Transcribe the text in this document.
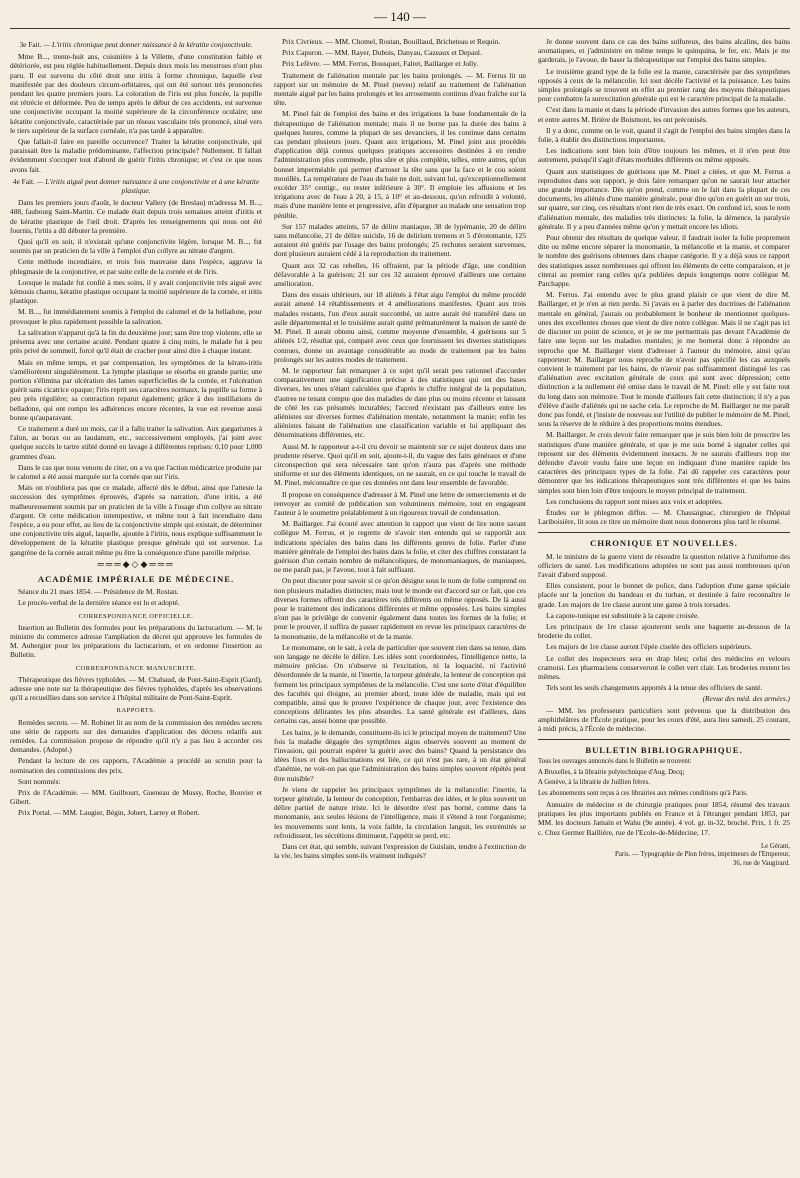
— 140 —

3e Fait. — L'iritis chronique peut donner naissance à la kératite conjonctivale.

Mme B..., trente-huit ans, cuisinière à la Villette, d'une constitution faible et détériorée, est peu réglée habituellement. Depuis deux mois les menstrues n'ont plus paru. Il est survenu du côté droit une iritis à forme chronique, laquelle s'est manifestée par des douleurs circum-orbitaires, qui ont été surtout très prononcées pendant les quatre premiers jours. La coloration de l'iris est plus foncée, la pupille est rétrécie et déformée. Peu de temps après le début de ces accidents, est survenue une conjonctivite occupant la moitié supérieure de la circonférence oculaire; une kératite conjonctivale, caractérisée par un réseau vasculaire très prononcé, situé vers le tiers supérieur de la surface cornéale, n'a pas tardé à apparaître.

Que fallait-il faire en pareille occurrence? Traiter la kératite conjonctivale, qui paraissait être la maladie prédominante, l'affection principale? Nullement. Il fallait évidemment s'occuper tout d'abord de guérir l'iritis chronique; et c'est ce que nous avons fait.

4e Fait. — L'iritis aiguë peut donner naissance à une conjonctivite et à une kératite plastique.

Dans les premiers jours d'août, le docteur Vallery (de Breslau) m'adressa M. B..., 488, faubourg Saint-Martin. Ce malade était depuis trois semaines atteint d'iritis et de kératite plastique de l'œil droit. D'après les renseignements qui nous ont été fournis, l'iritis a dû débuter la première.

Quoi qu'il en soit, il n'existait qu'une conjonctivite légère, lorsque M. B..., fut soumis par un praticien de la ville à l'emploi d'un collyre au nitrate d'argent.

Cette méthode incendiaire, et trois fois mauvaise dans l'espèce, aggrava la phlegmasie de la conjonctive, et par suite celle de la cornée et de l'iris.

Lorsque le malade fut confié à mes soins, il y avait conjonctivite très aiguë avec kémosis charnu, kératite plastique occupant la moitié supérieure de la cornée, et iritis plastique.

M. B..., fut immédiatement soumis à l'emploi du calomel et de la belladone, pour provoquer le plus rapidement possible la salivation.

La salivation n'apparut qu'à la fin du deuxième jour; sans être trop violente, elle se présenta avec une certaine acuité. Pendant quatre à cinq nuits, le malade fut à peu près privé de sommeil, forcé qu'il était de cracher pour ainsi dire à chaque instant.

Mais en même temps, et par compensation, les symptômes de la kérato-iritis s'améliorèrent singulièrement. La lymphe plastique se résorba en grande partie; une portion s'élimina par ulcération des lames superficielles de la cornée, et l'ulcération guérit sans cicatrice opaque; l'iris reprit ses caractères normaux, la pupille sa forme à peu près régulière; sa contraction reparut également; grâce à des instillations de belladone, qui ont rompu les adhérences encore récentes, la vue est revenue aussi bonne qu'auparavant.

Ce traitement a duré un mois, car il a fallu traiter la salivation. Aux gargarismes à l'alun, au borax ou au laudanum, etc., successivement employés, j'ai joint avec quelque succès le tartre stibié donné en lavage à différentes reprises: 0,10 pour 1,000 grammes d'eau.

Dans le cas que nous venons de citer, on a vu que l'action médicatrice produite par le calomel a été aussi marquée sur la cornée que sur l'iris.

Mais on n'oubliera pas que ce malade, affecté dès le début, ainsi que l'atteste la succession des symptômes éprouvés, d'après sa narration, d'une iritis, a été malheureusement soumis par un praticien de la ville à l'usage d'un collyre au nitrate d'argent. Or cette médication intempestive, et même tout à fait incendiaire dans l'espèce, a eu pour effet, au lieu de la conjonctivite simple qui existait, de déterminer une conjonctivite très aiguë, laquelle, ajoutée à l'iritis, nous explique suffisamment le développement de la kératite plastique presque générale qui est survenue. La gangrène de la cornée aurait même pu être la conséquence d'une pareille méprise.

═══◆◇◆═══

ACADÉMIE IMPÉRIALE DE MÉDECINE.

Séance du 21 mars 1854. — Présidence de M. Rostan.

Le procès-verbal de la dernière séance est lu et adopté.

CORRESPONDANCE OFFICIELLE.

Insertion au Bulletin des formules pour les préparations du lactucarium. — M. le ministre du commerce adresse l'ampliation du décret qui approuve les formules de M. Aubergier pour les préparations du lactucarium, et en ordonne l'insertion au Bulletin.

CORRESPONDANCE MANUSCRITE.

Thérapeutique des fièvres typhoïdes. — M. Chabaud, de Pont-Saint-Esprit (Gard), adresse une note sur la thérapeutique des fièvres typhoïdes, d'après les observations qu'il a recueillies dans son service à l'hôpital militaire de Pont-Saint-Esprit.

RAPPORTS.

Remèdes secrets. — M. Robinet lit au nom de la commission des remèdes secrets une série de rapports sur des demandes d'application des décrets relatifs aux remèdes. La commission propose de répondre qu'il n'y a pas lieu à accorder ces demandes. (Adopté.)

Pendant la lecture de ces rapports, l'Académie a procédé au scrutin pour la nomination des commissions des prix.

Sont nommés:

Prix de l'Académie. — MM. Guilbourt, Gueneau de Mussy, Roche, Bouvier et Gibert.

Prix Portal. — MM. Laugier, Bégin, Jobert, Larrey et Robert.

Prix Civrieux. — MM. Chomel, Rostan, Bouillaud, Bricheteau et Requin.

Prix Capuron. — MM. Rayer, Dubois, Danyau, Cazeaux et Depaul.

Prix Lefèvre. — MM. Ferrus, Bousquet, Falret, Baillarger et Jolly.

Traitement de l'aliénation mentale par les bains prolongés. — M. Ferrus lit un rapport sur un mémoire de M. Pinel (neveu) relatif au traitement de l'aliénation mentale aiguë par les bains prolongés et les arrosements continus d'eau fraîche sur la tête.

M. Pinel fait de l'emploi des bains et des irrigations la base fondamentale de la thérapeutique de l'aliénation mentale; mais il ne borne pas la durée des bains à quelques heures, comme la plupart de ses devanciers, il les continue dans certains cas pendant plusieurs jours. Quant aux irrigations, M. Pinel joint aux procédés d'application déjà connus quelques pratiques accessoires destinées à en rendre l'administration plus commode, plus sûre et plus complète, telles, entre autres, qu'un bonnet imperméable qui permet d'arroser la tête sans que la face et le cou soient mouillés. La température de l'eau du bain ne doit, suivant lui, qu'exceptionnellement excéder 35° centigr., ou rester inférieure à 30°. Il emploie les affusions et les irrigations avec de l'eau à 20, à 15, à 10° et au-dessous, qu'on refroidit à volonté, mais d'une manière lente et progressive, afin d'épargner au malade une sensation trop pénible.

Sur 157 malades atteints, 57 de délire maniaque, 38 de lypémanie, 20 de délire sans mélancolie, 21 de délire suicide, 16 de delirium tremens et 5 d'érotomanie, 125 auraient été guéris par l'usage des bains prolongés; 25 rechutes seraient survenues, dont plusieurs auraient cédé à la reproduction du traitement.

Quant aux 32 cas rebelles, 16 offraient, par la période d'âge, une condition défavorable à la guérison; 21 sur ces 32 auraient éprouvé d'ailleurs une certaine amélioration.

Dans des essais ultérieurs, sur 18 aliénés à l'état aigu l'emploi du même procédé aurait amené 14 rétablissements et 4 améliorations manifestes. Quant aux trois malades restants, l'un d'eux aurait succombé, un autre aurait été transféré dans un asile départemental et le troisième aurait quitté prématurément la maison de santé de M. Pinel. Il aurait obtenu ainsi, comme moyenne d'ensemble, 4 guérisons sur 5 aliénés 1/2, résultat qui, comparé avec ceux que fournissent les diverses statistiques connues, donne un avantage considérable au mode de traitement par les bains prolongés sur les autres modes de traitement.

M. le rapporteur fait remarquer à ce sujet qu'il serait peu rationnel d'accorder comparativement une signification précise à des statistiques qui ont des bases diverses, les unes n'étant calculées que d'après le chiffre intégral de la population, d'autres ne tenant compte que des maladies de date plus ou moins récente et laissant de côté les cas présumés incurables; l'accord n'existant pas d'ailleurs entre les aliénistes sur diverses formes d'aliénation mentale, notamment la manie; enfin les aliénistes faisant de l'aliénation une classification variable et lui appliquant des dénominations différentes, etc.

Aussi M. le rapporteur a-t-il cru devoir se maintenir sur ce sujet douteux dans une prudente réserve. Quoi qu'il en soit, ajoute-t-il, du vague des faits généraux et d'une circonspection qui sera nécessaire tant qu'on n'aura pas d'après une méthode uniforme et sur des éléments identiques, on ne saurait, en ce qui touche le travail de M. Pinel, méconnaître ce que ces données ont dans leur ensemble de favorable.

Il propose en conséquence d'adresser à M. Pinel une lettre de remerciements et de renvoyer au comité de publication son volumineux mémoire, tout en engageant l'auteur à le soumettre préalablement à un rigoureux travail de condensation.

M. Baillarger. J'ai écouté avec attention le rapport que vient de lire notre savant collègue M. Ferrus, et je regrette de n'avoir rien entendu qui se rapportât aux indications spéciales des bains dans les différents genres de folie. Parler d'une manière générale de l'emploi des bains dans la folie, et citer des chiffres constatant la guérison d'un certain nombre de mélancoliques, de monomaniaques, de maniaques, ne me paraît pas, je l'avoue, tout à fait suffisant.

On peut discuter pour savoir si ce qu'on désigne sous le nom de folie comprend ou non plusieurs maladies distinctes; mais tout le monde est d'accord sur ce fait, que ces diverses formes offrent des caractères très différents ou même opposés. De là aussi pour le traitement des indications différentes et même opposées. Les bains simples n'ont pas le privilège de convenir également dans toutes les formes de la folie; et pour le prouver, il suffira de passer rapidement en revue les principaux caractères de la monomanie, de la mélancolie et de la manie.

Le monomane, on le sait, à cela de particulier que souvent rien dans sa tenue, dans son langage ne décèle le délire. Les idées sont coordonnées, l'intelligence nette, la mémoire précise. On n'observe ni l'excitation, ni la loquacité, ni l'activité désordonnée de la manie, ni l'inertie, la torpeur générale, la lenteur de conception qui forment les principaux symptômes de la mélancolie. C'est une sorte d'état d'équilibre des facultés qui éloigne, au premier abord, toute idée de maladie, mais qui est compatible, ainsi que le prouve l'expérience de chaque jour, avec l'existence des conceptions délirantes les plus absurdes. La santé générale est d'ailleurs, dans certains cas, aussi bonne que possible.

Les bains, je le demande, constituent-ils ici le principal moyen de traitement? Une fois la maladie dégagée des symptômes aigus observés souvent au moment de l'invasion, qui pourrait espérer la guérir avec des bains? Quand la persistance des idées fixes et des hallucinations est liée, ce qui n'est pas rare, à un état général d'anémie, ne voit-on pas que l'administration des bains simples souvent répétés peut être nuisible?

Je viens de rappeler les principaux symptômes de la mélancolie: l'inertie, la torpeur générale, la lenteur de conception, l'embarras des idées, et le plus souvent un délire partiel de nature triste. Ici le désordre n'est pas borné, comme dans la monomanie, aux seules lésions de l'intelligence, mais il s'étend à tout l'organisme; les mouvements sont lents, la voix faible, la circulation languit, les extrémités se refroidissent, les sécrétions diminuent, l'appétit se perd, etc.

Dans cet état, qui semble, suivant l'expression de Guislain, tendre à l'extinction de la vie, les bains simples sont-ils vraiment indiqués?

Je donne souvent dans ce cas des bains sulfureux, des bains alcalins, des bains aromatiques, et j'administre en même temps le quinquina, le fer, etc. Mais je me garderais, je l'avoue, de baser la thérapeutique sur l'emploi des bains simples.

Le troisième grand type de la folie est la manie, caractérisée par des symptômes opposés à ceux de la mélancolie. Ici tout décèle l'activité et la puissance. Les bains simples prolongés se trouvent en effet au premier rang des moyens thérapeutiques pour combattre la surexcitation générale qui est le caractère principal de la maladie.

C'est dans la manie et dans la période d'invasion des autres formes que les auteurs, et entre autres M. Brière de Boismont, les ont préconisés.

Il y a donc, comme on le voit, quand il s'agit de l'emploi des bains simples dans la folie, à établir des distinctions importantes.

Les indications sont bien loin d'être toujours les mêmes, et il n'en peut être autrement, puisqu'il s'agit d'états morbides différents ou même opposés.

Quant aux statistiques de guérisons que M. Pinel a citées, et que M. Ferrus a reproduites dans son rapport, je dois faire remarquer qu'on ne saurait leur attacher une grande importance. Dès qu'on prend, comme on le fait dans la plupart de ces documents, les aliénés d'une manière générale, pour dire qu'on en guérit un sur trois, sur quatre, sur cinq, ces résultats n'ont rien de très exact. On confond ici, sous le nom d'aliénation mentale, des maladies très distinctes: la folie, la démence, la paralysie générale. Il y a peu d'années même qu'on y mettait encore les idiots.

Pour obtenir des résultats de quelque valeur, il faudrait isoler la folie proprement dite ou même encore séparer la monomanie, la mélancolie et la manie, et comparer le nombre des guérisons obtenues dans chaque catégorie. Il y a déjà sous ce rapport des statistiques assez nombreuses qui offrent les éléments de cette comparaison, et je citerai au premier rang celles qu'a publiées depuis longtemps notre collègue M. Parchappe.

M. Ferrus. J'ai entendu avec le plus grand plaisir ce que vient de dire M. Baillarger, et je n'en ai rien perdu. Si j'avais eu à parler des doctrines de l'aliénation mentale en général, j'aurais ou probablement le bonheur de mentionner quelques-unes des excellentes choses que vient de dire notre collègue. Mais il ne s'agit pas ici de discuter un point de science, et je ne me permettrais pas devant l'Académie de faire une leçon sur les maladies mentales; je me bornerai donc à répondre au reproche que M. Baillarger vient d'adresser à l'auteur du mémoire, ainsi qu'au rapporteur: M. Baillarger nous reproche de n'avoir pas spécifié les cas auxquels convient le traitement par les bains, de n'avoir pas suffisamment distingué les cas d'aliénation avec excitation générale de ceux qui sont avec dépression; cette distinction a la nullement été omise dans le travail de M. Pinel: elle y est faite tout du long dans son mémoire. Tout le monde d'ailleurs fait cette distinction; il n'y a pas d'élève d'asile d'aliénés qui ne sache cela. Le reproche de M. Baillarger ne me paraît donc pas fondé, et j'insiste de nouveau sur l'utilité de publier le mémoire de M. Pinel, sous la réserve de le réduire à des proportions moins étendues.

M. Baillarger. Je crois devoir faire remarquer que je suis bien loin de proscrire les statistiques d'une manière générale, et que je me suis borné à signaler celles qui reposent sur des éléments évidemment inexacts. Je ne saurais d'ailleurs trop me défendre d'avoir voulu faire une leçon en indiquant d'une manière rapide les caractères des principaux types de la folie. J'ai dû rappeler ces caractères pour démontrer que les indications thérapeutiques sont très différentes et que les bains simples sont bien loin d'être toujours le moyen principal de traitement.

Les conclusions du rapport sont mises aux voix et adoptées.

Études sur le phlegmon diffus. — M. Chassaignac, chirurgien de l'hôpital Lariboisière, lit sous ce titre un mémoire dont nous donnerons plus tard le résumé.

CHRONIQUE ET NOUVELLES.

M. le ministre de la guerre vient de résoudre la question relative à l'uniforme des officiers de santé. Les modifications adoptées ne sont pas aussi nombreuses qu'on l'avait d'abord supposé.

Elles consistent, pour le bonnet de police, dans l'adoption d'une ganse spéciale placée sur la jonction du bandeau et du turban, et destinée à faire reconnaître le grade. Les majors de 1re classe auront une ganse à trois torsades.

La capote-tunique est substituée à la capote croisée.

Les principaux de 1re classe ajouteront seuls une baguette au-dessous de la broderie du collet.

Les majors de 1re classe auront l'épée ciselée des officiers supérieurs.

Le collet des inspecteurs sera en drap bleu; celui des médecins en velours cramoisi. Les pharmaciens conserveront le collet vert clair. Les broderies restent les mêmes.

Tels sont les seuls changements apportés à la tenue des officiers de santé.

(Revue des méd. des armées.)

— MM. les professeurs particuliers sont prévenus que la distribution des amphithéâtres de l'École pratique, pour les cours d'été, aura lieu samedi, 25 courant, à midi précis, à l'École de médecine.

BULLETIN BIBLIOGRAPHIQUE.

Tous les ouvrages annoncés dans le Bulletin se trouvent:

A Bruxelles, à la librairie polytechnique d'Aug. Decq;

A Genève, à la librairie de Juillien frères.

Les abonnements sont reçus à ces librairies aux mêmes conditions qu'à Paris.

Annuaire de médecine et de chirurgie pratiques pour 1854, résumé des travaux pratiques les plus importants publiés en France et à l'étranger pendant 1853, par MM. les docteurs Jamain et Wahu (9e année). 4 vol. gr. in-32, broché. Prix, 1 fr. 25 c. Chez Germer Baillière, rue de l'Ecole-de-Médecine, 17.

Le Gérant,
Paris. — Typographie de Plon frères, imprimeurs de l'Empereur,
36, rue de Vaugirard.
